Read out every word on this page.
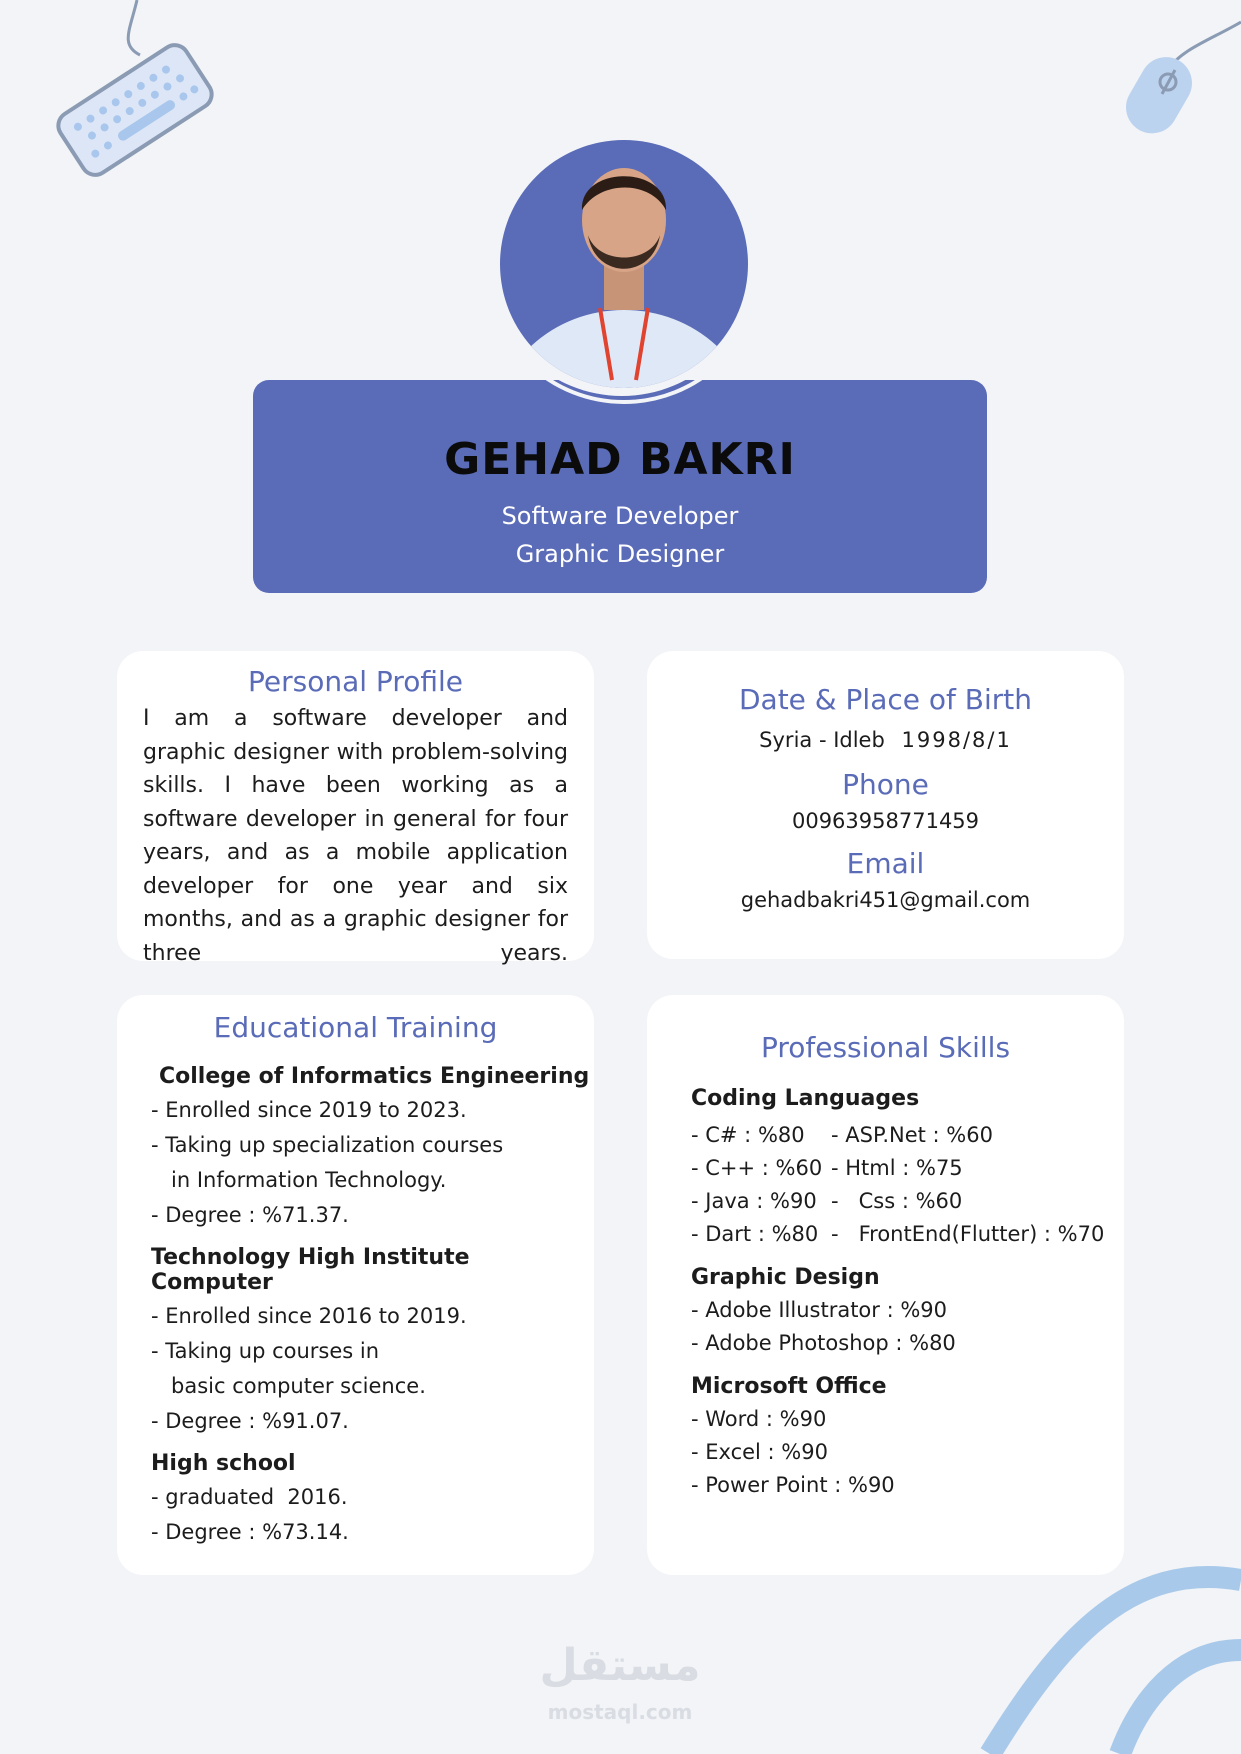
GEHAD BAKRI
Software Developer
Graphic Designer
Personal Profile

I am a software developer and graphic designer with problem-solving skills. I have been working as a software developer in general for four years, and as a mobile application developer for one year and six months, and as a graphic designer for three years.

Date & Place of Birth

Syria - Idleb 1998/8/1

Phone

00963958771459

Email

gehadbakri451@gmail.com

Educational Training

College of Informatics Engineering

- Enrolled since 2019 to 2023.

- Taking up specialization courses

in Information Technology.

- Degree : %71.37.

Technology High Institute Computer

- Enrolled since 2016 to 2019.

- Taking up courses in

basic computer science.

- Degree : %91.07.

High school

- graduated  2016.

- Degree : %73.14.

Professional Skills

Coding Languages

- C# : %80	- ASP.Net : %60

- C++ : %60 - Html : %75

- Java : %90 -   Css : %60

- Dart : %80 -   FrontEnd(Flutter) : %70

Graphic Design

- Adobe Illustrator : %90

- Adobe Photoshop : %80

Microsoft Office

- Word : %90

- Excel : %90

- Power Point : %90

مستقل
mostaql.com
